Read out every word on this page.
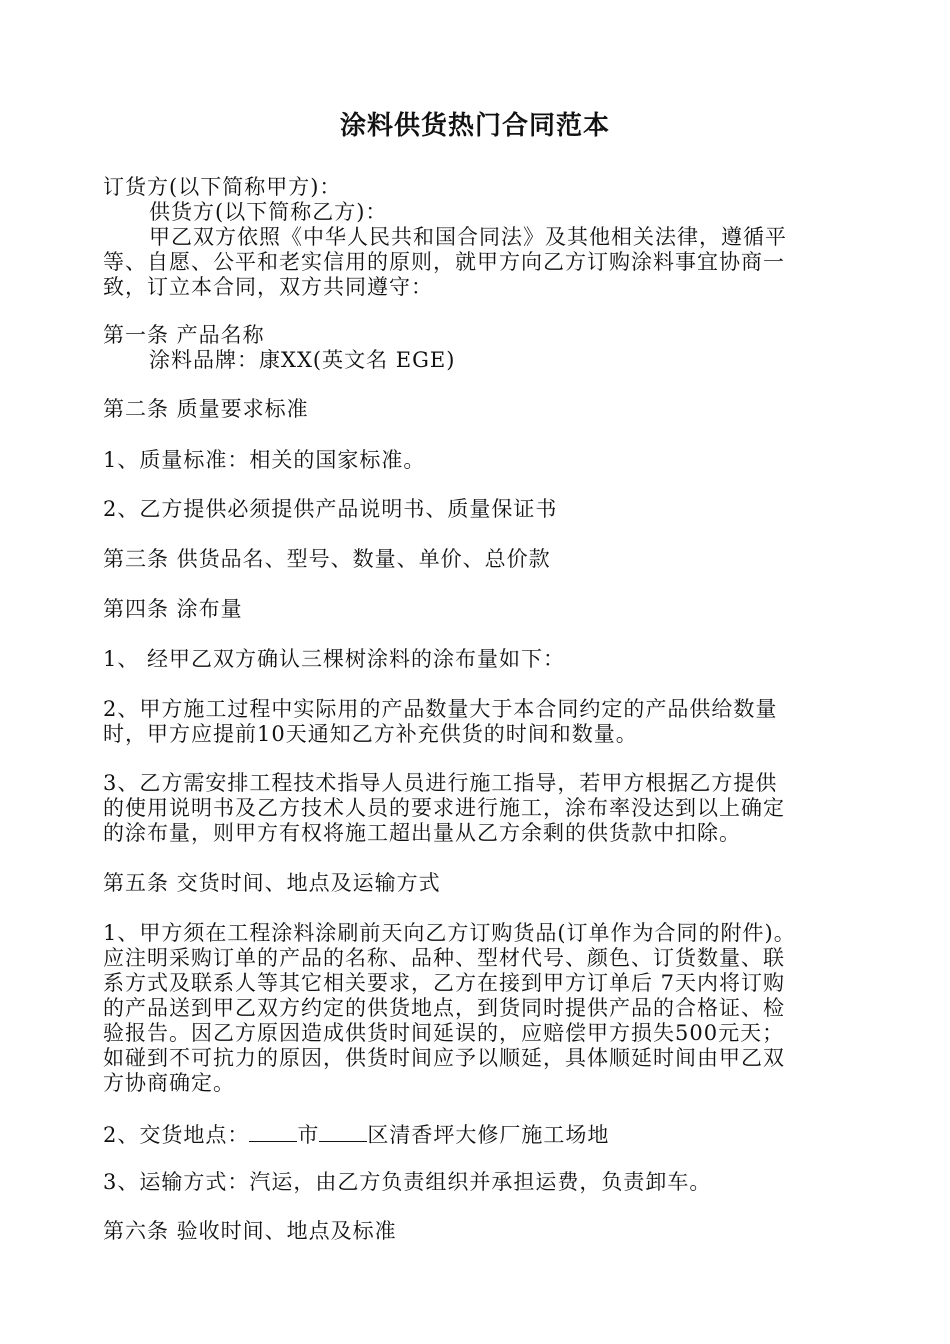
涂料供货热门合同范本
订货方(以下简称甲方)：
供货方(以下简称乙方)：
甲乙双方依照《中华人民共和国合同法》及其他相关法律，遵循平
等、自愿、公平和老实信用的原则，就甲方向乙方订购涂料事宜协商一
致，订立本合同，双方共同遵守：
第一条 产品名称
涂料品牌：康XX(英文名 EGE)
第二条 质量要求标准
1、质量标准：相关的国家标准。
2、乙方提供必须提供产品说明书、质量保证书
第三条 供货品名、型号、数量、单价、总价款
第四条 涂布量
1、 经甲乙双方确认三棵树涂料的涂布量如下：
2、甲方施工过程中实际用的产品数量大于本合同约定的产品供给数量
时，甲方应提前10天通知乙方补充供货的时间和数量。
3、乙方需安排工程技术指导人员进行施工指导，若甲方根据乙方提供
的使用说明书及乙方技术人员的要求进行施工，涂布率没达到以上确定
的涂布量，则甲方有权将施工超出量从乙方余剩的供货款中扣除。
第五条 交货时间、地点及运输方式
1、甲方须在工程涂料涂刷前天向乙方订购货品(订单作为合同的附件)。
应注明采购订单的产品的名称、品种、型材代号、颜色、订货数量、联
系方式及联系人等其它相关要求，乙方在接到甲方订单后 7天内将订购
的产品送到甲乙双方约定的供货地点，到货同时提供产品的合格证、检
验报告。因乙方原因造成供货时间延误的，应赔偿甲方损失500元天；
如碰到不可抗力的原因，供货时间应予以顺延，具体顺延时间由甲乙双
方协商确定。
2、交货地点： 市 区清香坪大修厂施工场地
3、运输方式：汽运，由乙方负责组织并承担运费，负责卸车。
第六条 验收时间、地点及标准
